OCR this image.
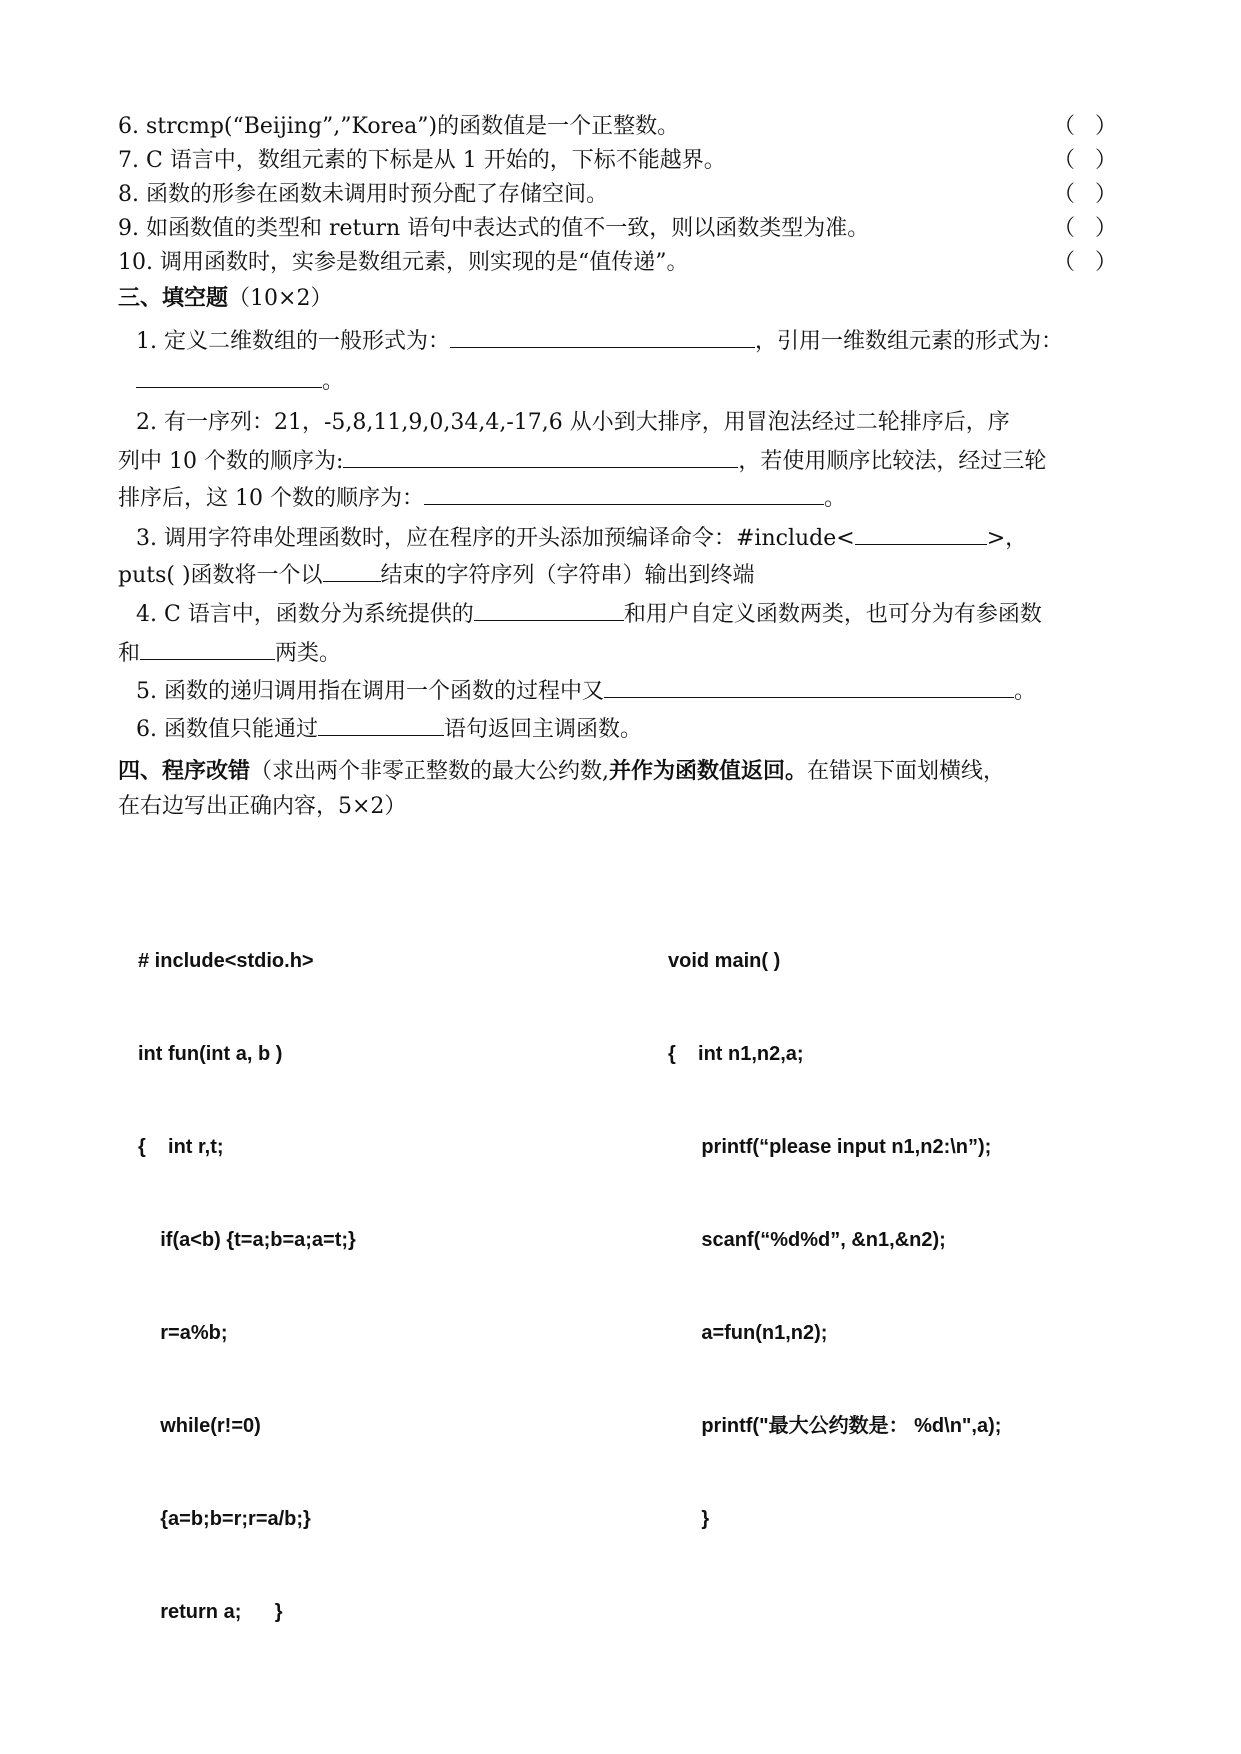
6. strcmp(“Beijing”,”Korea”)的函数值是一个正整数。	（ ）
7. C 语言中，数组元素的下标是从 1 开始的，下标不能越界。	（ ）
8. 函数的形参在函数未调用时预分配了存储空间。	（ ）
9. 如函数值的类型和 return 语句中表达式的值不一致，则以函数类型为准。	（ ）
10. 调用函数时，实参是数组元素，则实现的是“值传递”。	（ ）
三、填空题（10×2）
1. 定义二维数组的一般形式为：	，引用一维数组元素的形式为：
。
2. 有一序列：21，-5,8,11,9,0,34,4,-17,6 从小到大排序，用冒泡法经过二轮排序后，序
列中 10 个数的顺序为:	，若使用顺序比较法，经过三轮
排序后，这 10 个数的顺序为：	。
3. 调用字符串处理函数时，应在程序的开头添加预编译命令：#include<	>，
puts( )函数将一个以	结束的字符序列（字符串）输出到终端
4. C 语言中，函数分为系统提供的	和用户自定义函数两类，也可分为有参函数
和	两类。
5. 函数的递归调用指在调用一个函数的过程中又	。
6. 函数值只能通过	语句返回主调函数。
四、程序改错（求出两个非零正整数的最大公约数,并作为函数值返回。在错误下面划横线，
在右边写出正确内容，5×2）

# include<stdio.h>

int fun(int a, b )

{    int r,t;

if(a<b) {t=a;b=a;a=t;}

r=a%b;

while(r!=0)

{a=b;b=r;r=a/b;}

return a;      }

void main( )

{    int n1,n2,a;

printf(“please input n1,n2:\n”);

scanf(“%d%d”, &n1,&n2);

a=fun(n1,n2);

printf("最大公约数是： %d\n",a);

}
